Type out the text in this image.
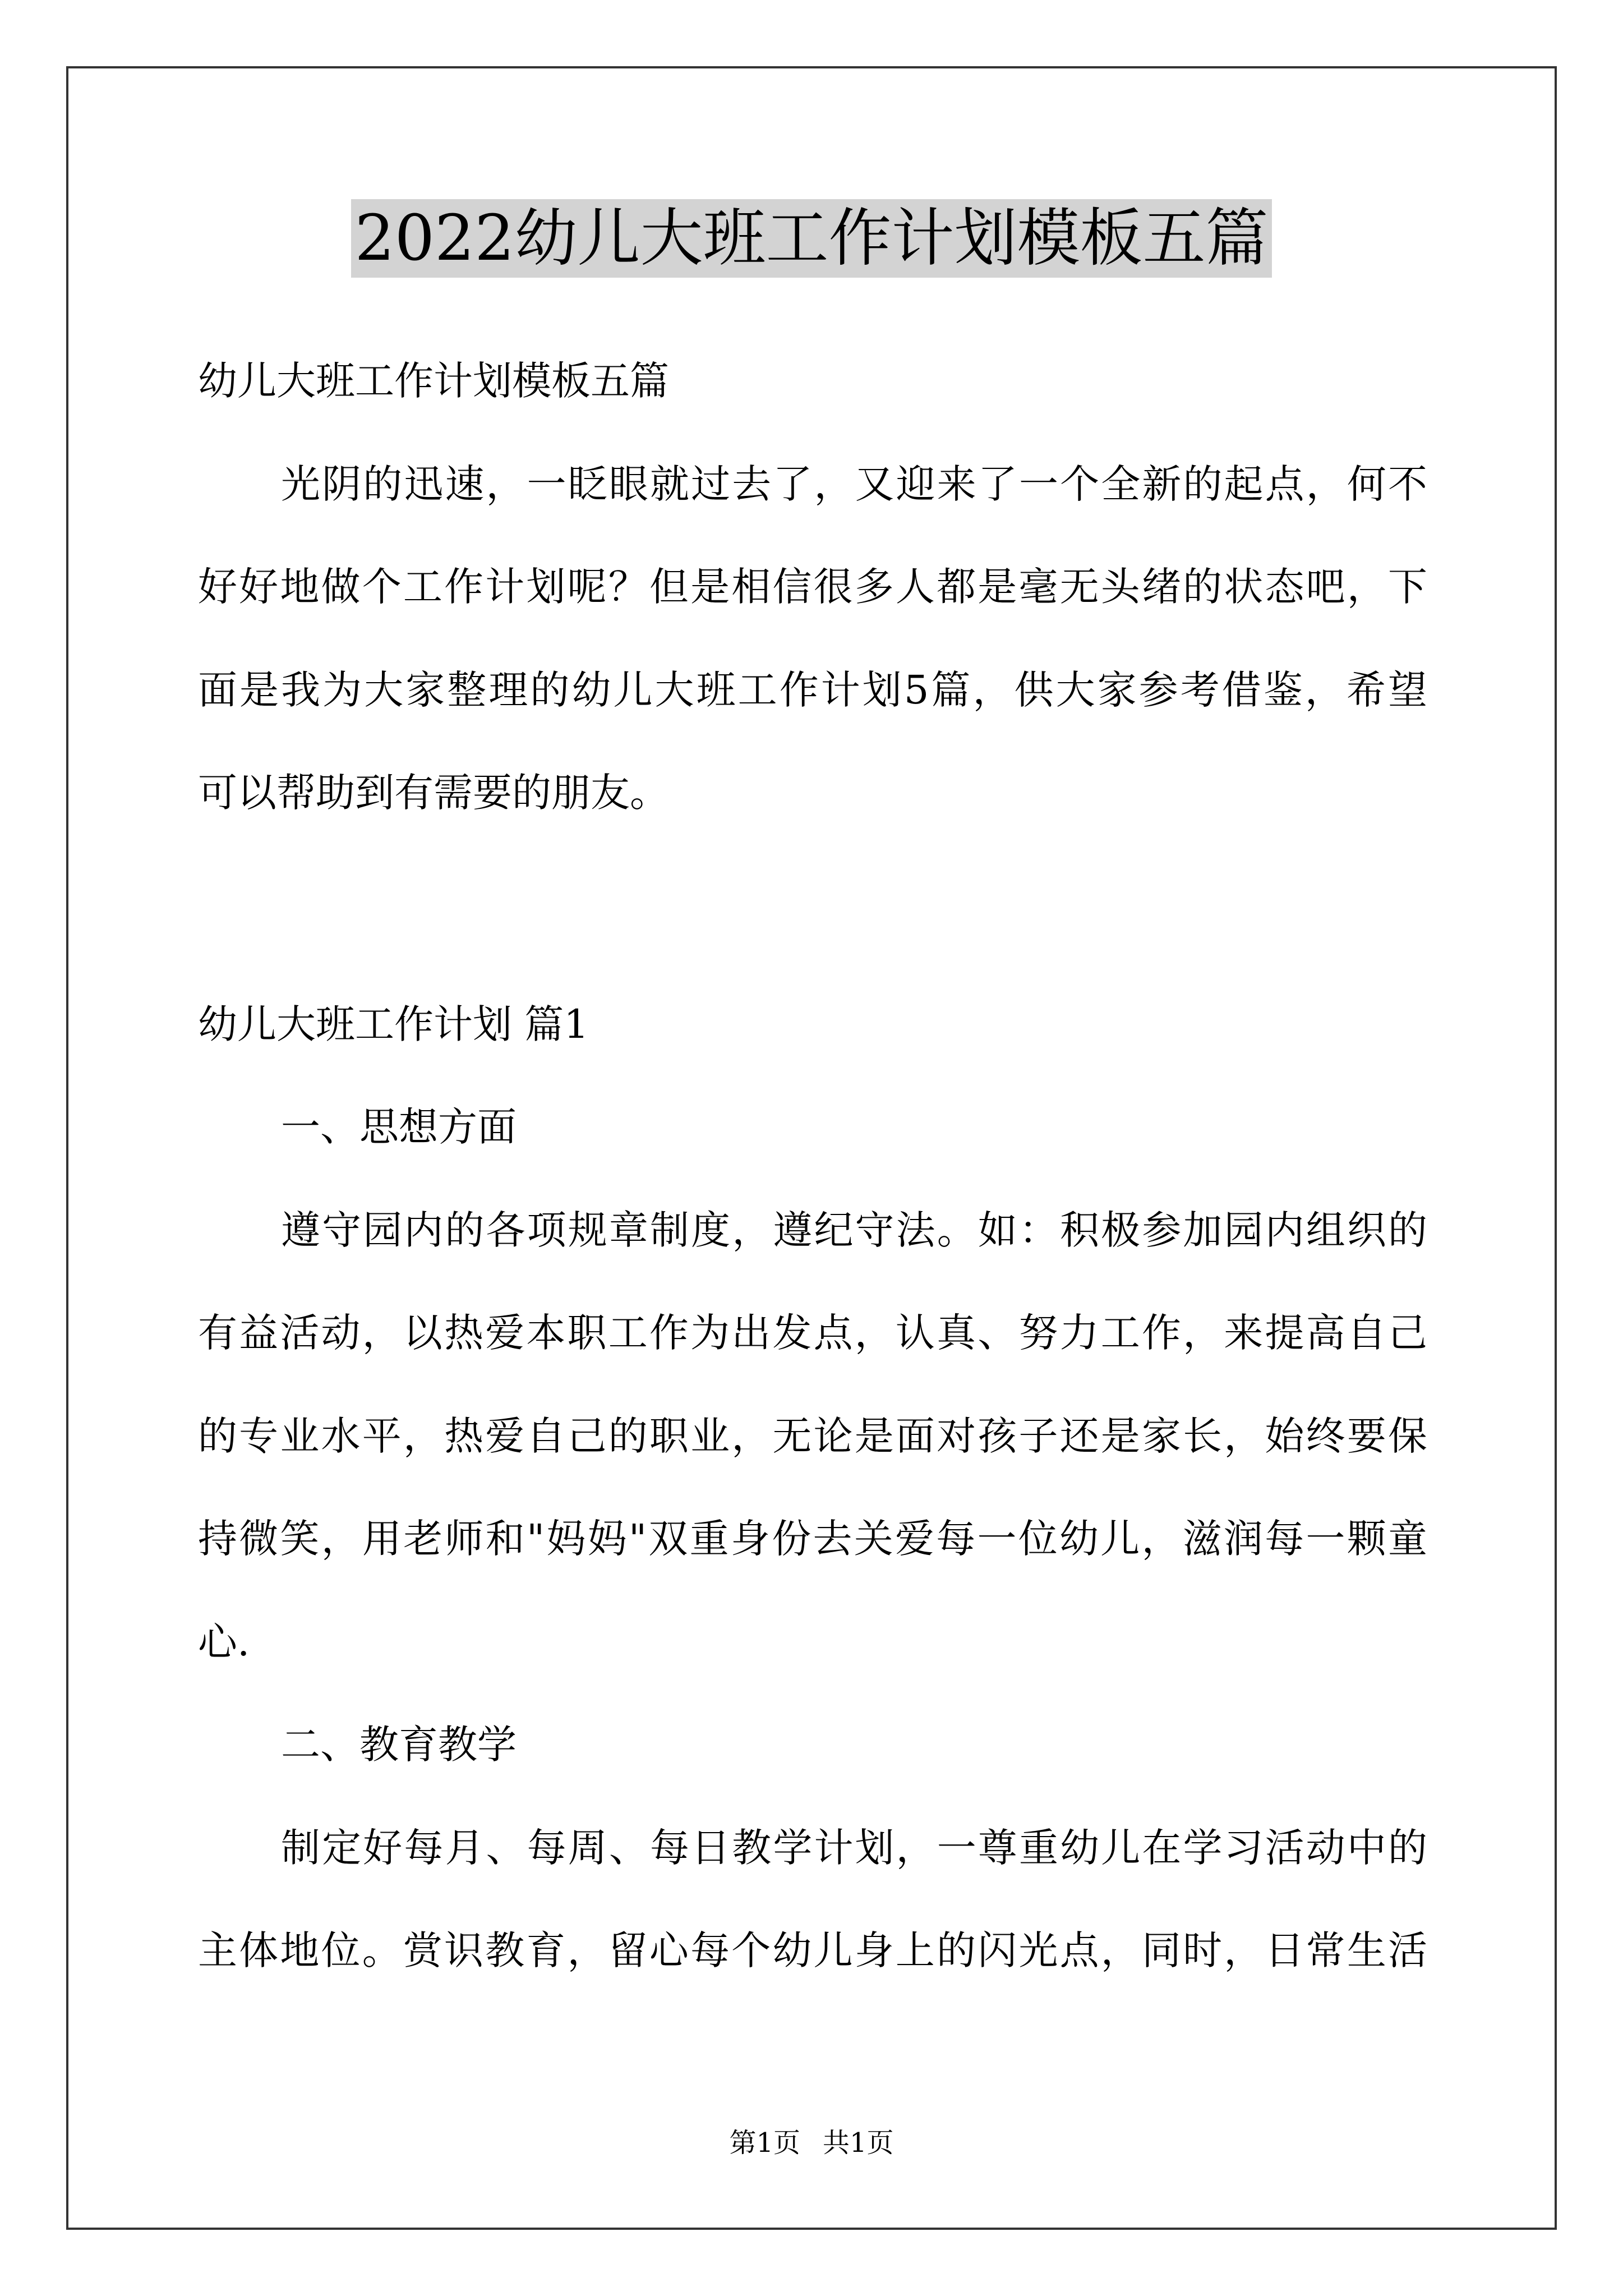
2022幼儿大班工作计划模板五篇
幼儿大班工作计划模板五篇
光阴的迅速，一眨眼就过去了，又迎来了一个全新的起点，何不
好好地做个工作计划呢？但是相信很多人都是毫无头绪的状态吧，下
面是我为大家整理的幼儿大班工作计划5篇，供大家参考借鉴，希望
可以帮助到有需要的朋友。
幼儿大班工作计划 篇1
一、思想方面
遵守园内的各项规章制度，遵纪守法。如：积极参加园内组织的
有益活动，以热爱本职工作为出发点，认真、努力工作，来提高自己
的专业水平，热爱自己的职业，无论是面对孩子还是家长，始终要保
持微笑，用老师和"妈妈"双重身份去关爱每一位幼儿，滋润每一颗童
心.
二、教育教学
制定好每月、每周、每日教学计划，一尊重幼儿在学习活动中的
主体地位。赏识教育，留心每个幼儿身上的闪光点，同时，日常生活
第1页 共1页
